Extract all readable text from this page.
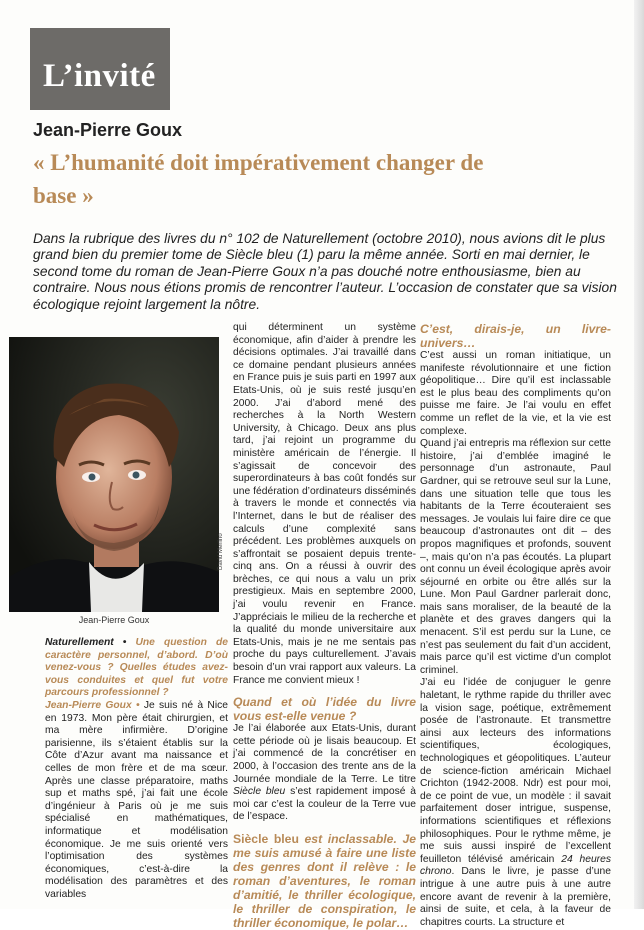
L’invité
Jean-Pierre Goux
« L’humanité doit impérativement changer de base »
Dans la rubrique des livres du n° 102 de Naturellement (octobre 2010), nous avions dit le plus grand bien du premier tome de Siècle bleu (1) paru la même année. Sorti en mai dernier, le second tome du roman de Jean-Pierre Goux n’a pas douché notre enthousiasme, bien au contraire. Nous nous étions promis de rencontrer l’auteur. L’occasion de constater que sa vision écologique rejoint largement la nôtre.
David Merlino
Jean-Pierre Goux

Naturellement • Une question de caractère personnel, d’abord. D’où venez-vous ? Quelles études avez-vous conduites et quel fut votre parcours professionnel ?

Jean-Pierre Goux • Je suis né à Nice en 1973. Mon père était chirurgien, et ma mère infirmière. D’origine parisienne, ils s’étaient établis sur la Côte d’Azur avant ma naissance et celles de mon frère et de ma sœur. Après une classe préparatoire, maths sup et maths spé, j’ai fait une école d’ingénieur à Paris où je me suis spécialisé en mathématiques, informatique et modélisation économique. Je me suis orienté vers l’optimisation des systèmes économiques, c’est-à-dire la modélisation des paramètres et des variables

qui déterminent un système économique, afin d’aider à prendre les décisions optimales. J’ai travaillé dans ce domaine pendant plusieurs années en France puis je suis parti en 1997 aux Etats-Unis, où je suis resté jusqu’en 2000. J’ai d’abord mené des recherches à la North Western University, à Chicago. Deux ans plus tard, j’ai rejoint un programme du ministère américain de l’énergie. Il s’agissait de concevoir des superordinateurs à bas coût fondés sur une fédération d’ordinateurs disséminés à travers le monde et connectés via l’Internet, dans le but de réaliser des calculs d’une complexité sans précédent. Les problèmes auxquels on s’affrontait se posaient depuis trente-cinq ans. On a réussi à ouvrir des brèches, ce qui nous a valu un prix prestigieux. Mais en septembre 2000, j’ai voulu revenir en France. J’appréciais le milieu de la recherche et la qualité du monde universitaire aux Etats-Unis, mais je ne me sentais pas proche du pays culturellement. J’avais besoin d’un vrai rapport aux valeurs. La France me convient mieux !

Quand et où l’idée du livre vous est-elle venue ?

Je l’ai élaborée aux Etats-Unis, durant cette période où je lisais beaucoup. Et j’ai commencé de la concrétiser en 2000, à l’occasion des trente ans de la Journée mondiale de la Terre. Le titre Siècle bleu s’est rapidement imposé à moi car c’est la couleur de la Terre vue de l’espace.

Siècle bleu est inclassable. Je me suis amusé à faire une liste des genres dont il relève : le roman d’aventures, le roman d’amitié, le thriller écologique, le thriller de conspiration, le thriller économique, le polar…

C’est, dirais-je, un livre-univers…

C’est aussi un roman initiatique, un manifeste révolutionnaire et une fiction géopolitique… Dire qu’il est inclassable est le plus beau des compliments qu’on puisse me faire. Je l’ai voulu en effet comme un reflet de la vie, et la vie est complexe.

Quand j’ai entrepris ma réflexion sur cette histoire, j’ai d’emblée imaginé le personnage d’un astronaute, Paul Gardner, qui se retrouve seul sur la Lune, dans une situation telle que tous les habitants de la Terre écouteraient ses messages. Je voulais lui faire dire ce que beaucoup d’astronautes ont dit – des propos magnifiques et profonds, souvent –, mais qu’on n’a pas écoutés. La plupart ont connu un éveil écologique après avoir séjourné en orbite ou être allés sur la Lune. Mon Paul Gardner parlerait donc, mais sans moraliser, de la beauté de la planète et des graves dangers qui la menacent. S’il est perdu sur la Lune, ce n’est pas seulement du fait d’un accident, mais parce qu’il est victime d’un complot criminel.

J’ai eu l’idée de conjuguer le genre haletant, le rythme rapide du thriller avec la vision sage, poétique, extrêmement posée de l’astronaute. Et transmettre ainsi aux lecteurs des informations scientifiques, écologiques, technologiques et géopolitiques. L’auteur de science-fiction américain Michael Crichton (1942-2008. Ndr) est pour moi, de ce point de vue, un modèle : il savait parfaitement doser intrigue, suspense, informations scientifiques et réflexions philosophiques. Pour le rythme même, je me suis aussi inspiré de l’excellent feuilleton télévisé américain 24 heures chrono. Dans le livre, je passe d’une intrigue à une autre puis à une autre encore avant de revenir à la première, ainsi de suite, et cela, à la faveur de chapitres courts. La structure et
